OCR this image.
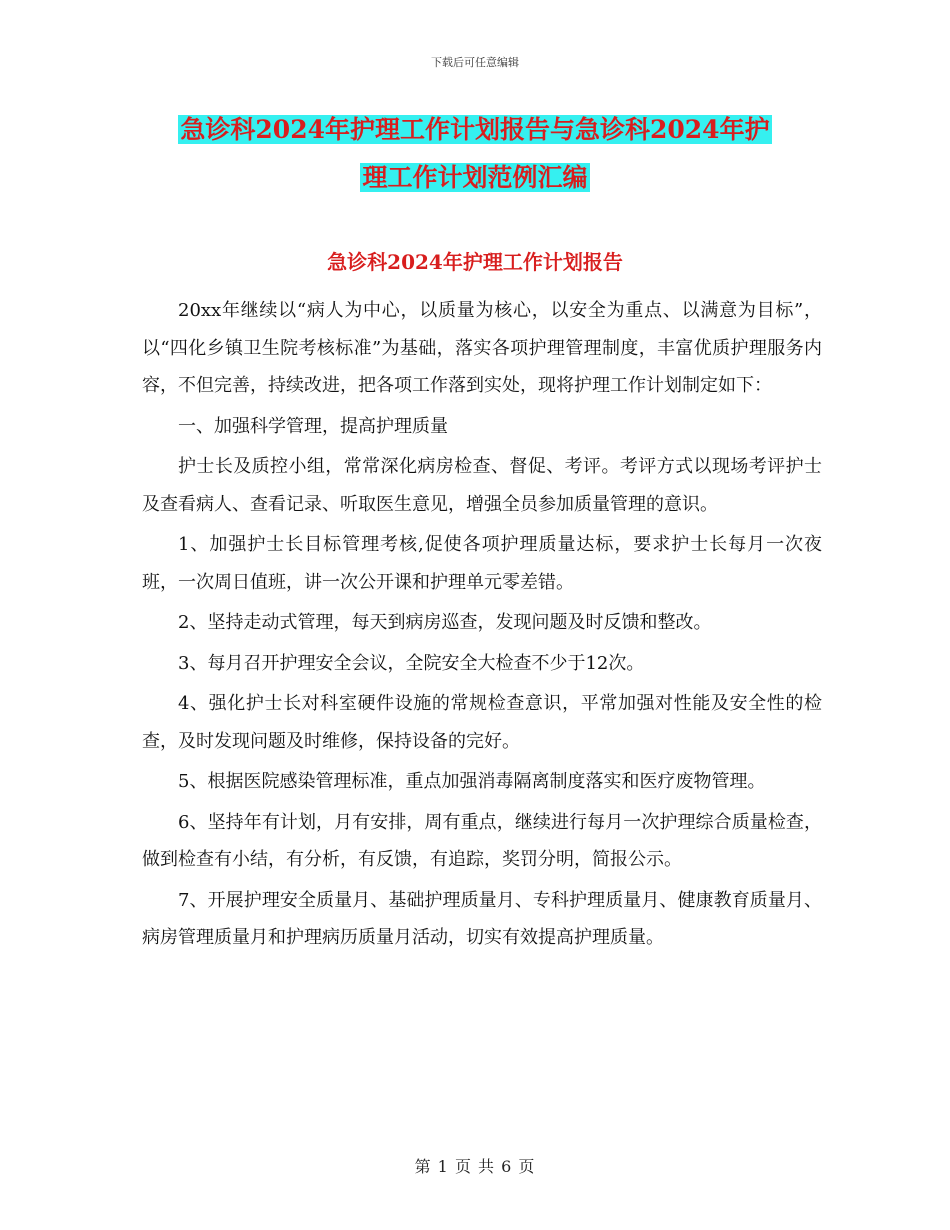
下载后可任意编辑
急诊科2024年护理工作计划报告与急诊科2024年护
理工作计划范例汇编
急诊科2024年护理工作计划报告

20xx年继续以“病人为中心，以质量为核心，以安全为重点、以满意为目标”，以“四化乡镇卫生院考核标准”为基础，落实各项护理管理制度，丰富优质护理服务内容，不但完善，持续改进，把各项工作落到实处，现将护理工作计划制定如下：

一、加强科学管理，提高护理质量

护士长及质控小组，常常深化病房检查、督促、考评。考评方式以现场考评护士及查看病人、查看记录、听取医生意见，增强全员参加质量管理的意识。

1、加强护士长目标管理考核,促使各项护理质量达标，要求护士长每月一次夜班，一次周日值班，讲一次公开课和护理单元零差错。

2、坚持走动式管理，每天到病房巡查，发现问题及时反馈和整改。

3、每月召开护理安全会议，全院安全大检查不少于12次。

4、强化护士长对科室硬件设施的常规检查意识，平常加强对性能及安全性的检查，及时发现问题及时维修，保持设备的完好。

5、根据医院感染管理标准，重点加强消毒隔离制度落实和医疗废物管理。

6、坚持年有计划，月有安排，周有重点，继续进行每月一次护理综合质量检查，做到检查有小结，有分析，有反馈，有追踪，奖罚分明，简报公示。

7、开展护理安全质量月、基础护理质量月、专科护理质量月、健康教育质量月、病房管理质量月和护理病历质量月活动，切实有效提高护理质量。

第 1 页 共 6 页
